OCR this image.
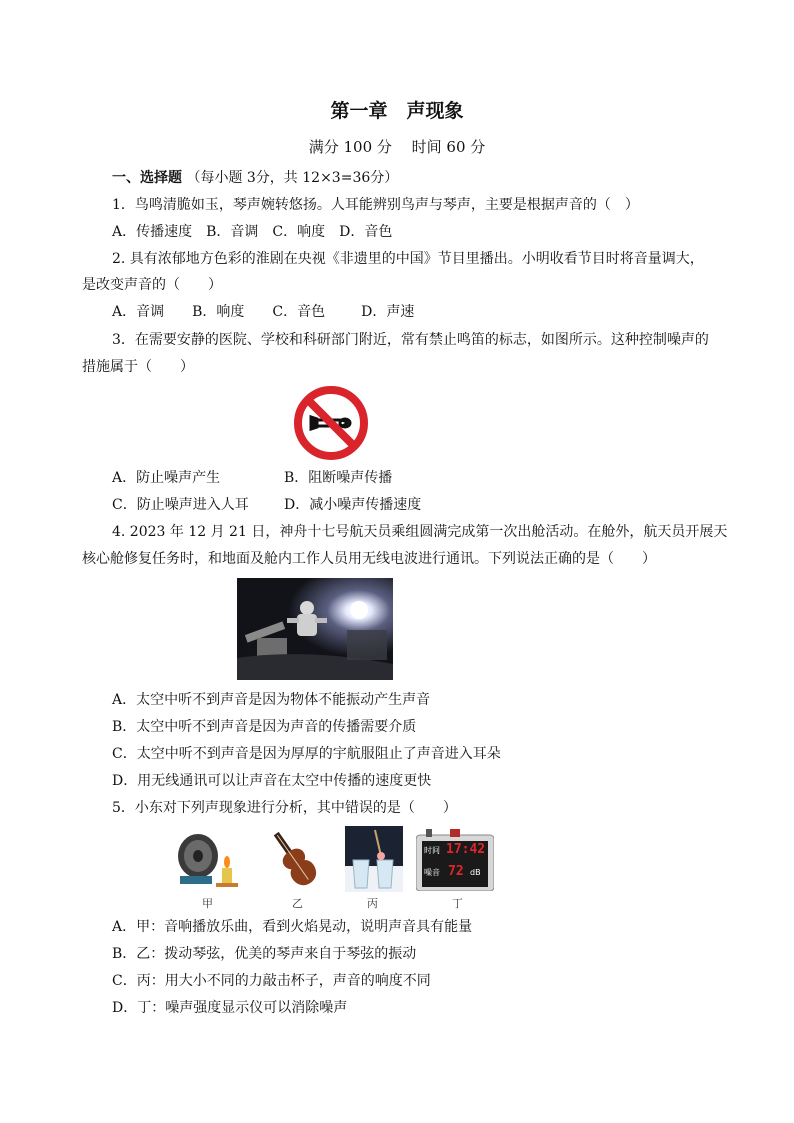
第一章　声现象
满分 100 分　 时间 60 分
一、选择题 （每小题 3分，共 12×3=36分）
1．鸟鸣清脆如玉，琴声婉转悠扬。人耳能辨别鸟声与琴声，主要是根据声音的（　）
A．传播速度 B．音调 C．响度 D．音色
2. 具有浓郁地方色彩的淮剧在央视《非遗里的中国》节目里播出。小明收看节目时将音量调大，
是改变声音的（　　）
A．音调 B．响度 C．音色	D．声速
3．在需要安静的医院、学校和科研部门附近，常有禁止鸣笛的标志，如图所示。这种控制噪声的
措施属于（　　）
A．防止噪声产生	B．阻断噪声传播
C．防止噪声进入人耳	D．减小噪声传播速度
4. 2023 年 12 月 21 日，神舟十七号航天员乘组圆满完成第一次出舱活动。在舱外，航天员开展天
核心舱修复任务时，和地面及舱内工作人员用无线电波进行通讯。下列说法正确的是（　　）
A．太空中听不到声音是因为物体不能振动产生声音
B．太空中听不到声音是因为声音的传播需要介质
C．太空中听不到声音是因为厚厚的宇航服阻止了声音进入耳朵
D．用无线通讯可以让声音在太空中传播的速度更快
5．小东对下列声现象进行分析，其中错误的是（　　）
时间 17:42
噪音 72 dB
甲	乙	丙	丁
A．甲：音响播放乐曲，看到火焰晃动，说明声音具有能量
B．乙：拨动琴弦，优美的琴声来自于琴弦的振动
C．丙：用大小不同的力敲击杯子，声音的响度不同
D．丁：噪声强度显示仪可以消除噪声
